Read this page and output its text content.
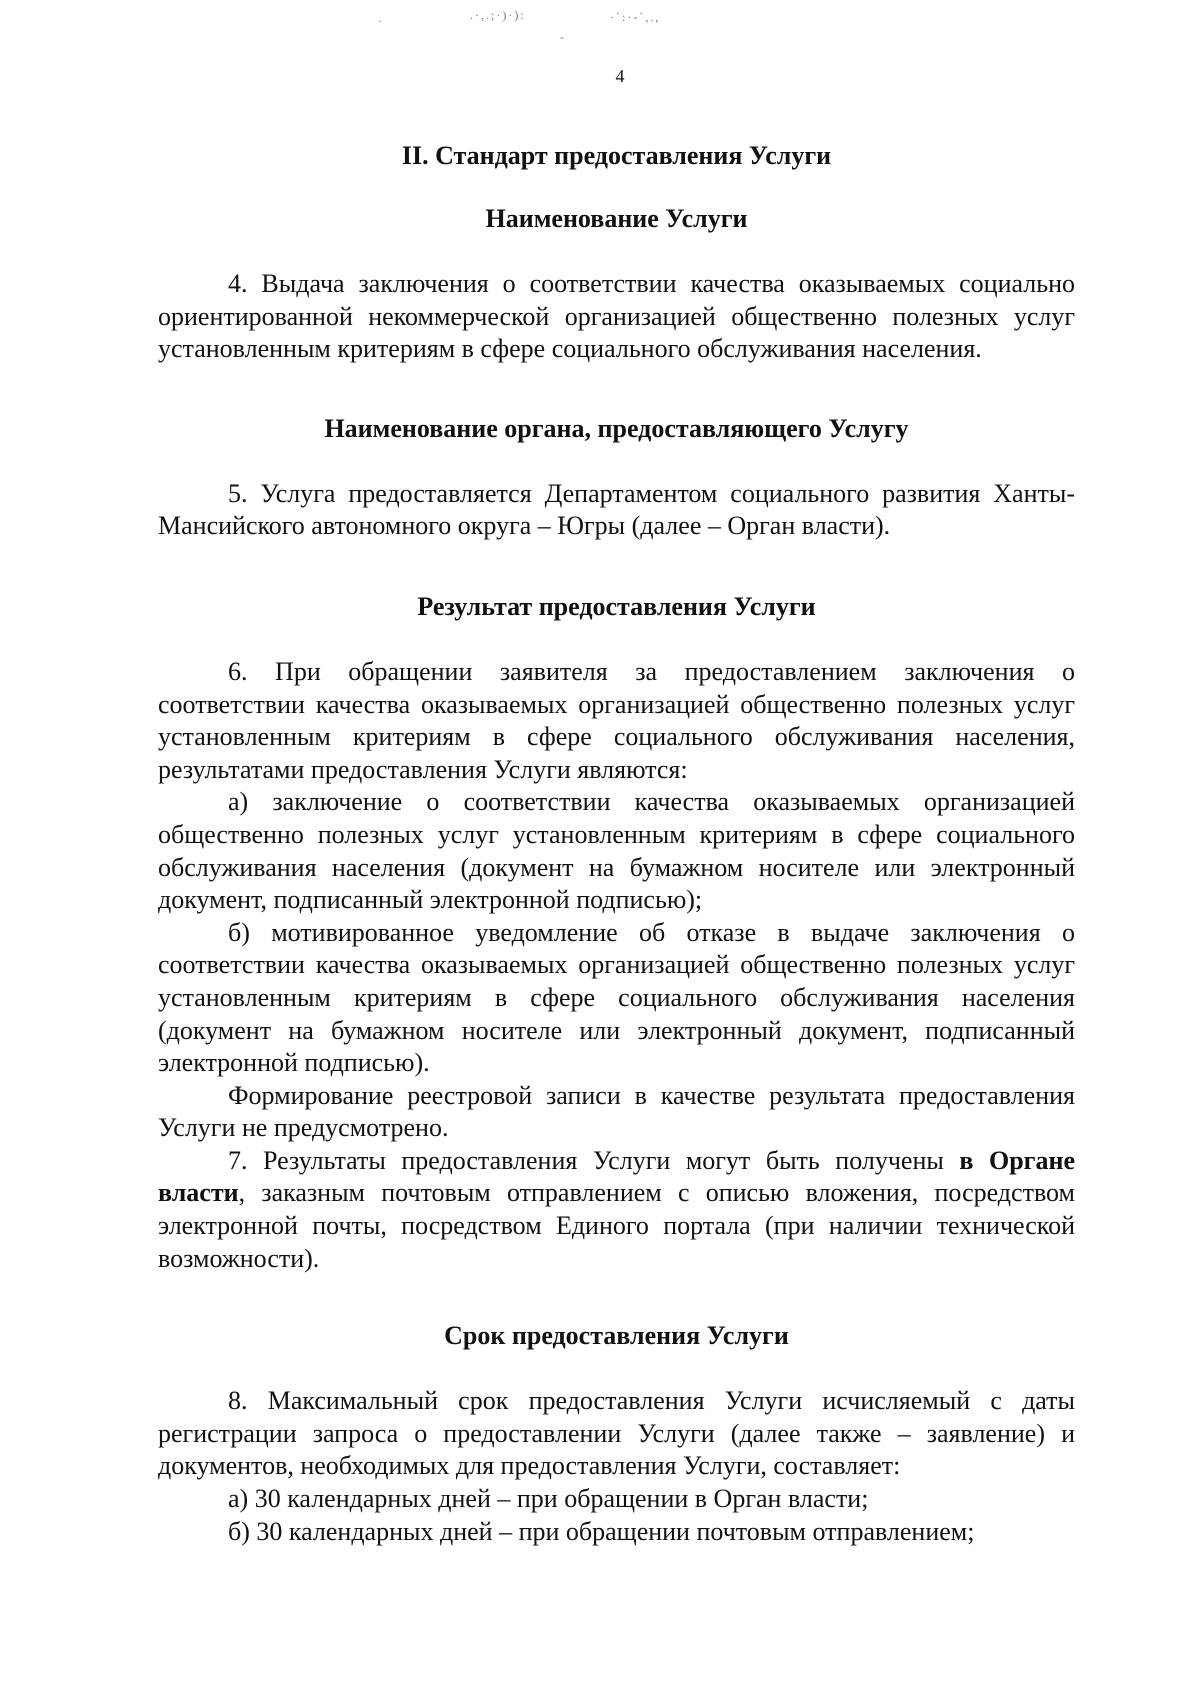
.·,.;·)·):	·`:·-`,.,
·
-
4
II. Стандарт предоставления Услуги
Наименование Услуги

4. Выдача заключения о соответствии качества оказываемых социально ориентированной некоммерческой организацией общественно полезных услуг установленным критериям в сфере социального обслуживания населения.

Наименование органа, предоставляющего Услугу

5. Услуга предоставляется Департаментом социального развития Ханты-Мансийского автономного округа – Югры (далее – Орган власти).

Результат предоставления Услуги

6. При обращении заявителя за предоставлением заключения о соответствии качества оказываемых организацией общественно полезных услуг установленным критериям в сфере социального обслуживания населения, результатами предоставления Услуги являются:

а) заключение о соответствии качества оказываемых организацией общественно полезных услуг установленным критериям в сфере социального обслуживания населения (документ на бумажном носителе или электронный документ, подписанный электронной подписью);

б) мотивированное уведомление об отказе в выдаче заключения о соответствии качества оказываемых организацией общественно полезных услуг установленным критериям в сфере социального обслуживания населения (документ на бумажном носителе или электронный документ, подписанный электронной подписью).

Формирование реестровой записи в качестве результата предоставления Услуги не предусмотрено.

7. Результаты предоставления Услуги могут быть получены в Органе власти, заказным почтовым отправлением с описью вложения, посредством электронной почты, посредством Единого портала (при наличии технической возможности).

Срок предоставления Услуги

8. Максимальный срок предоставления Услуги исчисляемый с даты регистрации запроса о предоставлении Услуги (далее также – заявление) и документов, необходимых для предоставления Услуги, составляет:

а) 30 календарных дней – при обращении в Орган власти;

б) 30 календарных дней – при обращении почтовым отправлением;
